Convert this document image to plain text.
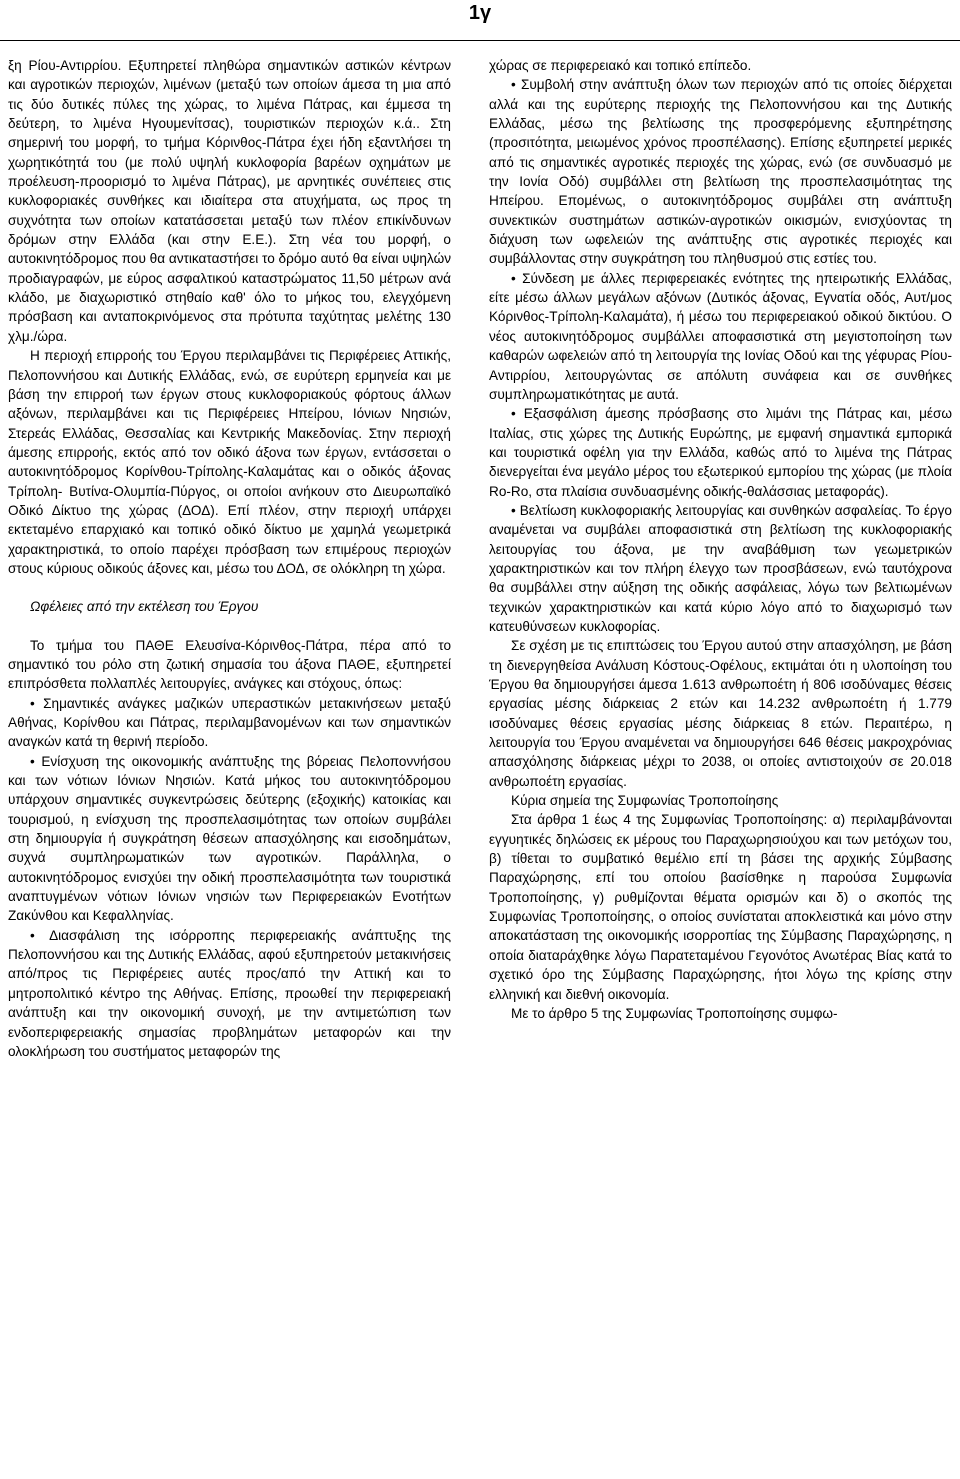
1γ

ξη Ρίου-Αντιρρίου. Εξυπηρετεί πληθώρα σημαντικών αστικών κέντρων και αγροτικών περιοχών, λιμένων (μεταξύ των οποίων άμεσα τη μια από τις δύο δυτικές πύλες της χώρας, το λιμένα Πάτρας, και έμμεσα τη δεύτερη, το λιμένα Ηγουμενίτσας), τουριστικών περιοχών κ.ά.. Στη σημερινή του μορφή, το τμήμα Κόρινθος-Πάτρα έχει ήδη εξαντλήσει τη χωρητικότητά του (με πολύ υψηλή κυκλοφορία βαρέων οχημάτων με προέλευση-προορισμό το λιμένα Πάτρας), με αρνητικές συνέπειες στις κυκλοφοριακές συνθήκες και ιδιαίτερα στα ατυχήματα, ως προς τη συχνότητα των οποίων κατατάσσεται μεταξύ των πλέον επικίνδυνων δρόμων στην Ελλάδα (και στην Ε.Ε.). Στη νέα του μορφή, ο αυτοκινητόδρομος που θα αντικαταστήσει το δρόμο αυτό θα είναι υψηλών προδιαγραφών, με εύρος ασφαλτικού καταστρώματος 11,50 μέτρων ανά κλάδο, με διαχωριστικό στηθαίο καθ' όλο το μήκος του, ελεγχόμενη πρόσβαση και ανταποκρινόμενος στα πρότυπα ταχύτητας μελέτης 130 χλμ./ώρα.

Η περιοχή επιρροής του Έργου περιλαμβάνει τις Περιφέρειες Αττικής, Πελοποννήσου και Δυτικής Ελλάδας, ενώ, σε ευρύτερη ερμηνεία και με βάση την επιρροή των έργων στους κυκλοφοριακούς φόρτους άλλων αξόνων, περιλαμβάνει και τις Περιφέρειες Ηπείρου, Ιόνιων Νησιών, Στερεάς Ελλάδας, Θεσσαλίας και Κεντρικής Μακεδονίας. Στην περιοχή άμεσης επιρροής, εκτός από τον οδικό άξονα των έργων, εντάσσεται ο αυτοκινητόδρομος Κορίνθου-Τρίπολης-Καλαμάτας και ο οδικός άξονας Τρίπολη- Βυτίνα-Ολυμπία-Πύργος, οι οποίοι ανήκουν στο Διευρωπαϊκό Οδικό Δίκτυο της χώρας (ΔΟΔ). Επί πλέον, στην περιοχή υπάρχει εκτεταμένο επαρχιακό και τοπικό οδικό δίκτυο με χαμηλά γεωμετρικά χαρακτηριστικά, το οποίο παρέχει πρόσβαση των επιμέρους περιοχών στους κύριους οδικούς άξονες και, μέσω του ΔΟΔ, σε ολόκληρη τη χώρα.

Ωφέλειες από την εκτέλεση του Έργου

Το τμήμα του ΠΑΘΕ Ελευσίνα-Κόρινθος-Πάτρα, πέρα από το σημαντικό του ρόλο στη ζωτική σημασία του άξονα ΠΑΘΕ, εξυπηρετεί επιπρόσθετα πολλαπλές λειτουργίες, ανάγκες και στόχους, όπως:

• Σημαντικές ανάγκες μαζικών υπεραστικών μετακινήσεων μεταξύ Αθήνας, Κορίνθου και Πάτρας, περιλαμβανομένων και των σημαντικών αναγκών κατά τη θερινή περίοδο.

• Ενίσχυση της οικονομικής ανάπτυξης της βόρειας Πελοποννήσου και των νότιων Ιόνιων Νησιών. Κατά μήκος του αυτοκινητόδρομου υπάρχουν σημαντικές συγκεντρώσεις δεύτερης (εξοχικής) κατοικίας και τουρισμού, η ενίσχυση της προσπελασιμότητας των οποίων συμβάλει στη δημιουργία ή συγκράτηση θέσεων απασχόλησης και εισοδημάτων, συχνά συμπληρωματικών των αγροτικών. Παράλληλα, ο αυτοκινητόδρομος ενισχύει την οδική προσπελασιμότητα των τουριστικά αναπτυγμένων νότιων Ιόνιων νησιών των Περιφερειακών Ενοτήτων Ζακύνθου και Κεφαλληνίας.

• Διασφάλιση της ισόρροπης περιφερειακής ανάπτυξης της Πελοποννήσου και της Δυτικής Ελλάδας, αφού εξυπηρετούν μετακινήσεις από/προς τις Περιφέρειες αυτές προς/από την Αττική και το μητροπολιτικό κέντρο της Αθήνας. Επίσης, προωθεί την περιφερειακή ανάπτυξη και την οικονομική συνοχή, με την αντιμετώπιση των ενδοπεριφερειακής σημασίας προβλημάτων μεταφορών και την ολοκλήρωση του συστήματος μεταφορών της

χώρας σε περιφερειακό και τοπικό επίπεδο.

• Συμβολή στην ανάπτυξη όλων των περιοχών από τις οποίες διέρχεται αλλά και της ευρύτερης περιοχής της Πελοποννήσου και της Δυτικής Ελλάδας, μέσω της βελτίωσης της προσφερόμενης εξυπηρέτησης (προσιτότητα, μειωμένος χρόνος προσπέλασης). Επίσης εξυπηρετεί μερικές από τις σημαντικές αγροτικές περιοχές της χώρας, ενώ (σε συνδυασμό με την Ιονία Οδό) συμβάλλει στη βελτίωση της προσπελασιμότητας της Ηπείρου. Επομένως, ο αυτοκινητόδρομος συμβάλει στη ανάπτυξη συνεκτικών συστημάτων αστικών-αγροτικών οικισμών, ενισχύοντας τη διάχυση των ωφελειών της ανάπτυξης στις αγροτικές περιοχές και συμβάλλοντας στην συγκράτηση του πληθυσμού στις εστίες του.

• Σύνδεση με άλλες περιφερειακές ενότητες της ηπειρωτικής Ελλάδας, είτε μέσω άλλων μεγάλων αξόνων (Δυτικός άξονας, Εγνατία οδός, Αυτ/μος Κόρινθος-Τρίπολη-Καλαμάτα), ή μέσω του περιφερειακού οδικού δικτύου. Ο νέος αυτοκινητόδρομος συμβάλλει αποφασιστικά στη μεγιστοποίηση των καθαρών ωφελειών από τη λειτουργία της Ιονίας Οδού και της γέφυρας Ρίου-Αντιρρίου, λειτουργώντας σε απόλυτη συνάφεια και σε συνθήκες συμπληρωματικότητας με αυτά.

• Εξασφάλιση άμεσης πρόσβασης στο λιμάνι της Πάτρας και, μέσω Ιταλίας, στις χώρες της Δυτικής Ευρώπης, με εμφανή σημαντικά εμπορικά και τουριστικά οφέλη για την Ελλάδα, καθώς από το λιμένα της Πάτρας διενεργείται ένα μεγάλο μέρος του εξωτερικού εμπορίου της χώρας (με πλοία Ro-Ro, στα πλαίσια συνδυασμένης οδικής-θαλάσσιας μεταφοράς).

• Βελτίωση κυκλοφοριακής λειτουργίας και συνθηκών ασφαλείας. Το έργο αναμένεται να συμβάλει αποφασιστικά στη βελτίωση της κυκλοφοριακής λειτουργίας του άξονα, με την αναβάθμιση των γεωμετρικών χαρακτηριστικών και τον πλήρη έλεγχο των προσβάσεων, ενώ ταυτόχρονα θα συμβάλλει στην αύξηση της οδικής ασφάλειας, λόγω των βελτιωμένων τεχνικών χαρακτηριστικών και κατά κύριο λόγο από το διαχωρισμό των κατευθύνσεων κυκλοφορίας.

Σε σχέση με τις επιπτώσεις του Έργου αυτού στην απασχόληση, με βάση τη διενεργηθείσα Ανάλυση Κόστους-Οφέλους, εκτιμάται ότι η υλοποίηση του Έργου θα δημιουργήσει άμεσα 1.613 ανθρωποέτη ή 806 ισοδύναμες θέσεις εργασίας μέσης διάρκειας 2 ετών και 14.232 ανθρωποέτη ή 1.779 ισοδύναμες θέσεις εργασίας μέσης διάρκειας 8 ετών. Περαιτέρω, η λειτουργία του Έργου αναμένεται να δημιουργήσει 646 θέσεις μακροχρόνιας απασχόλησης διάρκειας μέχρι το 2038, οι οποίες αντιστοιχούν σε 20.018 ανθρωποέτη εργασίας.

Κύρια σημεία της Συμφωνίας Τροποποίησης

Στα άρθρα 1 έως 4 της Συμφωνίας Τροποποίησης: α) περιλαμβάνονται εγγυητικές δηλώσεις εκ μέρους του Παραχωρησιούχου και των μετόχων του, β) τίθεται το συμβατικό θεμέλιο επί τη βάσει της αρχικής Σύμβασης Παραχώρησης, επί του οποίου βασίσθηκε η παρούσα Συμφωνία Τροποποίησης, γ) ρυθμίζονται θέματα ορισμών και δ) ο σκοπός της Συμφωνίας Τροποποίησης, ο οποίος συνίσταται αποκλειστικά και μόνο στην αποκατάσταση της οικονομικής ισορροπίας της Σύμβασης Παραχώρησης, η οποία διαταράχθηκε λόγω Παρατεταμένου Γεγονότος Ανωτέρας Βίας κατά το σχετικό όρο της Σύμβασης Παραχώρησης, ήτοι λόγω της κρίσης στην ελληνική και διεθνή οικονομία.

Με το άρθρο 5 της Συμφωνίας Τροποποίησης συμφω-
